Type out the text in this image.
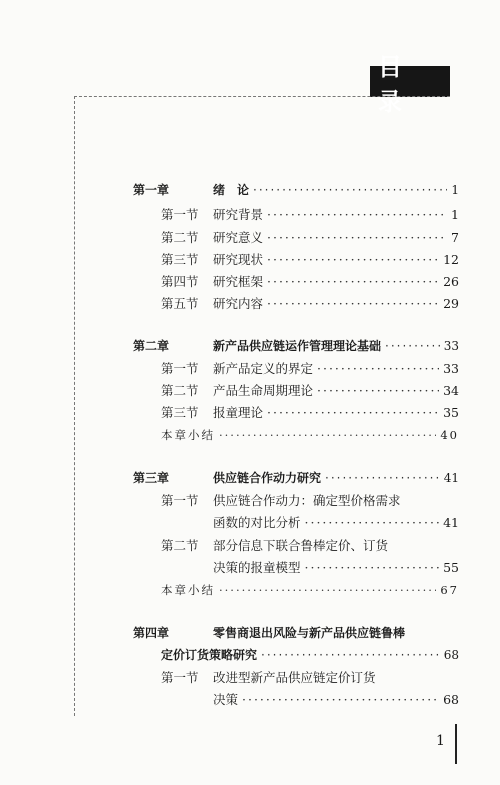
目 录
第一章	绪　论 ·····	1
第一节	研究背景 ·····	1
第二节	研究意义 ·····	7
第三节	研究现状 ·····	12
第四节	研究框架 ·····	26
第五节	研究内容 ·····	29
第二章	新产品供应链运作管理理论基础 ·····	33
第一节	新产品定义的界定 ·····	33
第二节	产品生命周期理论 ·····	34
第三节	报童理论 ·····	35
本章小结 ·····	40
第三章	供应链合作动力研究 ·····	41
第一节	供应链合作动力：确定型价格需求
函数的对比分析 ·····	41
第二节	部分信息下联合鲁棒定价、订货
决策的报童模型 ·····	55
本章小结 ·····	67
第四章	零售商退出风险与新产品供应链鲁棒
定价订货策略研究 ·····	68
第一节	改进型新产品供应链定价订货
决策 ·····	68
1
